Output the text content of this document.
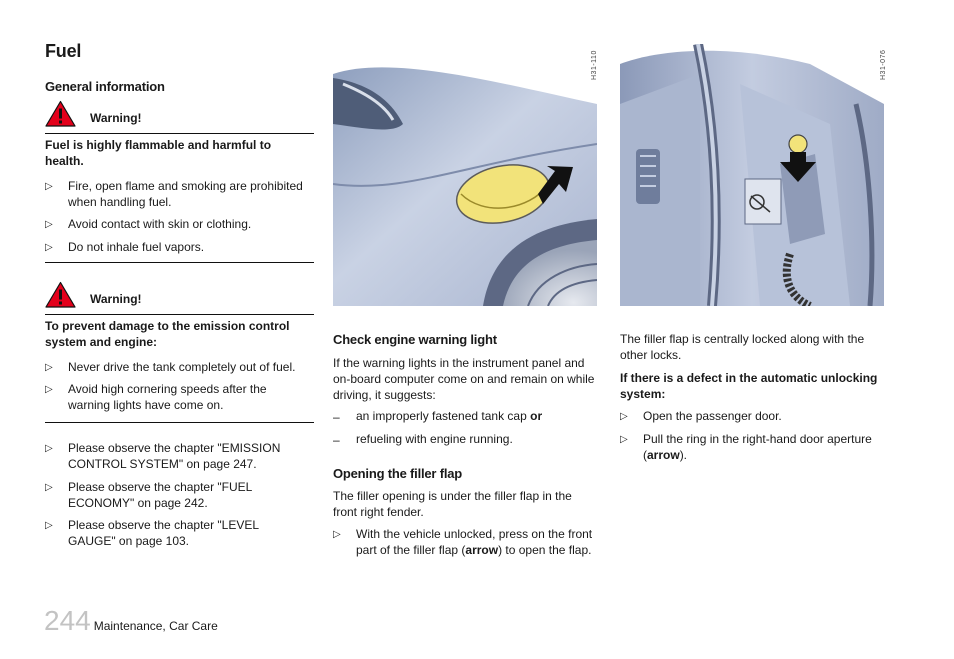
Fuel
General information
Warning!
Fuel is highly flammable and harmful to health.
▷	Fire, open flame and smoking are prohibited when handling fuel.
▷	Avoid contact with skin or clothing.
▷	Do not inhale fuel vapors.
Warning!
To prevent damage to the emission control system and engine:
▷	Never drive the tank completely out of fuel.
▷	Avoid high cornering speeds after the warning lights have come on.
▷	Please observe the chapter "EMISSION CONTROL SYSTEM" on page 247.
▷	Please observe the chapter "FUEL ECONOMY" on page 242.
▷	Please observe the chapter "LEVEL GAUGE" on page 103.
H31-110
Check engine warning light
If the warning lights in the instrument panel and on-board computer come on and remain on while driving, it suggests:
–	an improperly fastened tank cap or
–	refueling with engine running.
Opening the filler flap
The filler opening is under the filler flap in the front right fender.
▷	With the vehicle unlocked, press on the front part of the filler flap (arrow) to open the flap.
H31-076
The filler flap is centrally locked along with the other locks.
If there is a defect in the automatic unlocking system:
▷	Open the passenger door.
▷	Pull the ring in the right-hand door aperture (arrow).
244 Maintenance, Car Care
